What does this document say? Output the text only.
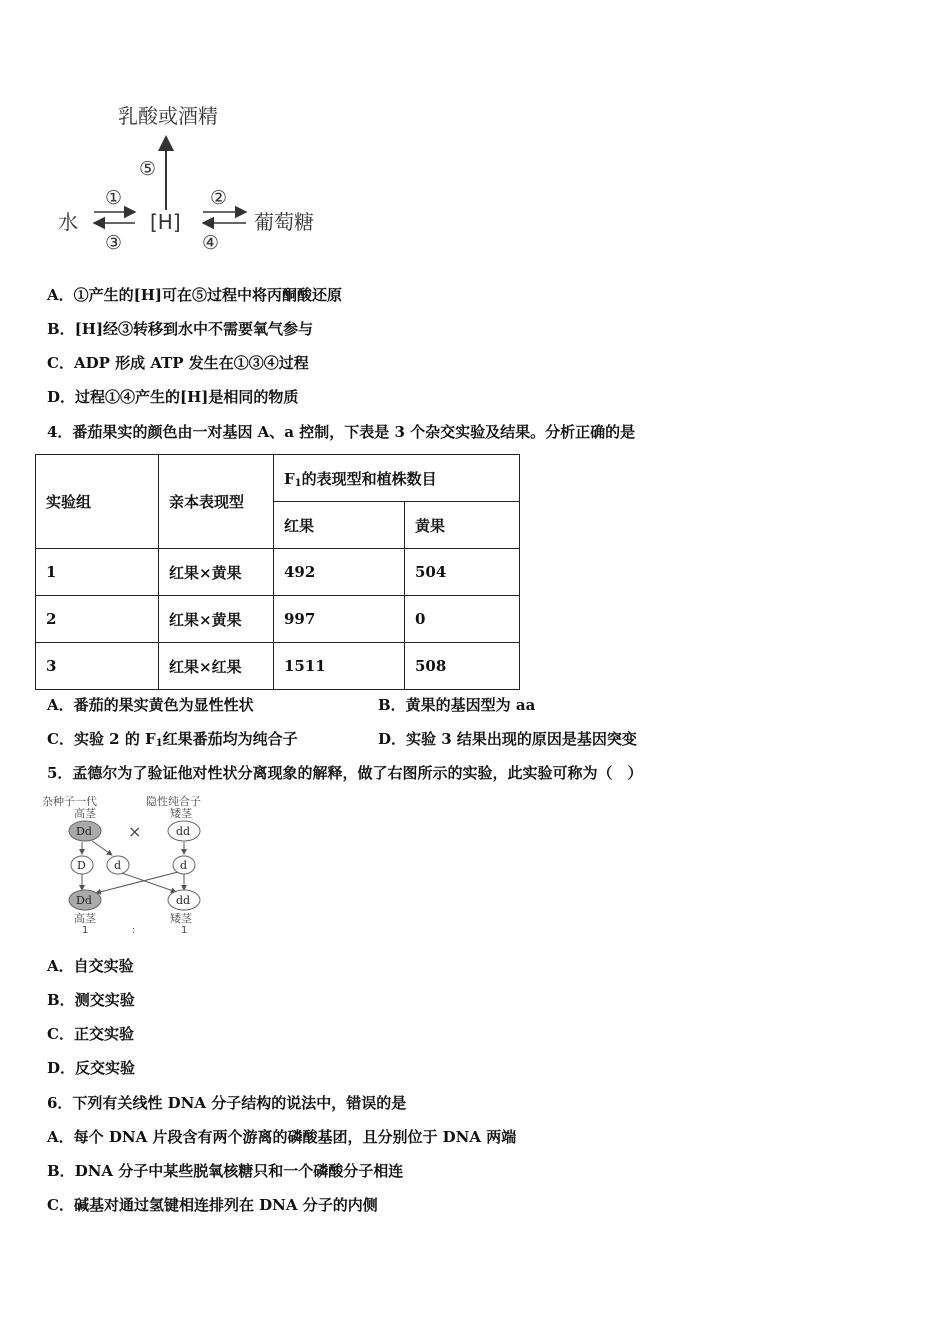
乳酸或酒精
⑤
①
③
水	[H]
②
④
葡萄糖
A．①产生的[H]可在⑤过程中将丙酮酸还原
B．[H]经③转移到水中不需要氧气参与
C．ADP 形成 ATP 发生在①③④过程
D．过程①④产生的[H]是相同的物质
4．番茄果实的颜色由一对基因 A、a 控制，下表是 3 个杂交实验及结果。分析正确的是
实验组	亲本表现型	F1的表现型和植株数目	
		红果	黄果
1	红果×黄果	492	504
2	红果×黄果	997	0
3	红果×红果	1511	508
A．番茄的果实黄色为显性性状	B．黄果的基因型为 aa
C．实验 2 的 F1红果番茄均为纯合子	D．实验 3 结果出现的原因是基因突变
5．孟德尔为了验证他对性状分离现象的解释，做了右图所示的实验，此实验可称为（　）
杂种子一代	隐性纯合子
高茎	矮茎
Dd ×	dd
D	d	d
Dd	dd
高茎	矮茎
1	:	1
A．自交实验
B．测交实验
C．正交实验
D．反交实验
6．下列有关线性 DNA 分子结构的说法中，错误的是
A．每个 DNA 片段含有两个游离的磷酸基团，且分别位于 DNA 两端
B．DNA 分子中某些脱氧核糖只和一个磷酸分子相连
C．碱基对通过氢键相连排列在 DNA 分子的内侧
